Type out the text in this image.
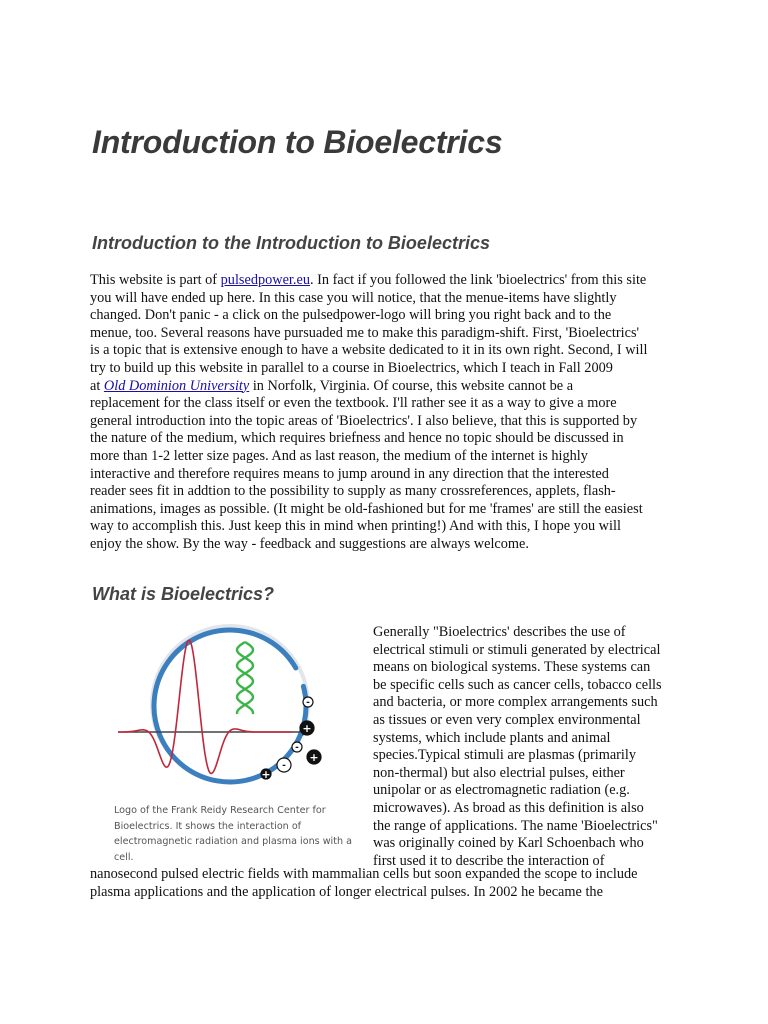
Introduction to Bioelectrics
Introduction to the Introduction to Bioelectrics

This website is part of pulsedpower.eu. In fact if you followed the link 'bioelectrics' from this site
you will have ended up here. In this case you will notice, that the menue-items have slightly
changed. Don't panic - a click on the pulsedpower-logo will bring you right back and to the
menue, too. Several reasons have pursuaded me to make this paradigm-shift. First, 'Bioelectrics'
is a topic that is extensive enough to have a website dedicated to it in its own right. Second, I will
try to build up this website in parallel to a course in Bioelectrics, which I teach in Fall 2009
at Old Dominion University in Norfolk, Virginia. Of course, this website cannot be a
replacement for the class itself or even the textbook. I'll rather see it as a way to give a more
general introduction into the topic areas of 'Bioelectrics'. I also believe, that this is supported by
the nature of the medium, which requires briefness and hence no topic should be discussed in
more than 1-2 letter size pages. And as last reason, the medium of the internet is highly
interactive and therefore requires means to jump around in any direction that the interested
reader sees fit in addtion to the possibility to supply as many crossreferences, applets, flash-
animations, images as possible. (It might be old-fashioned but for me 'frames' are still the easiest
way to accomplish this. Just keep this in mind when printing!) And with this, I hope you will
enjoy the show. By the way - feedback and suggestions are always welcome.

What is Bioelectrics?
-
+
-
+
-
+
Logo of the Frank Reidy Research Center for
Bioelectrics. It shows the interaction of
electromagnetic radiation and plasma ions with a
cell.
Generally "Bioelectrics' describes the use of
electrical stimuli or stimuli generated by electrical
means on biological systems. These systems can
be specific cells such as cancer cells, tobacco cells
and bacteria, or more complex arrangements such
as tissues or even very complex environmental
systems, which include plants and animal
species.Typical stimuli are plasmas (primarily
non-thermal) but also electrial pulses, either
unipolar or as electromagnetic radiation (e.g.
microwaves). As broad as this definition is also
the range of applications. The name 'Bioelectrics"
was originally coined by Karl Schoenbach who
first used it to describe the interaction of
nanosecond pulsed electric fields with mammalian cells but soon expanded the scope to include
plasma applications and the application of longer electrical pulses. In 2002 he became the
